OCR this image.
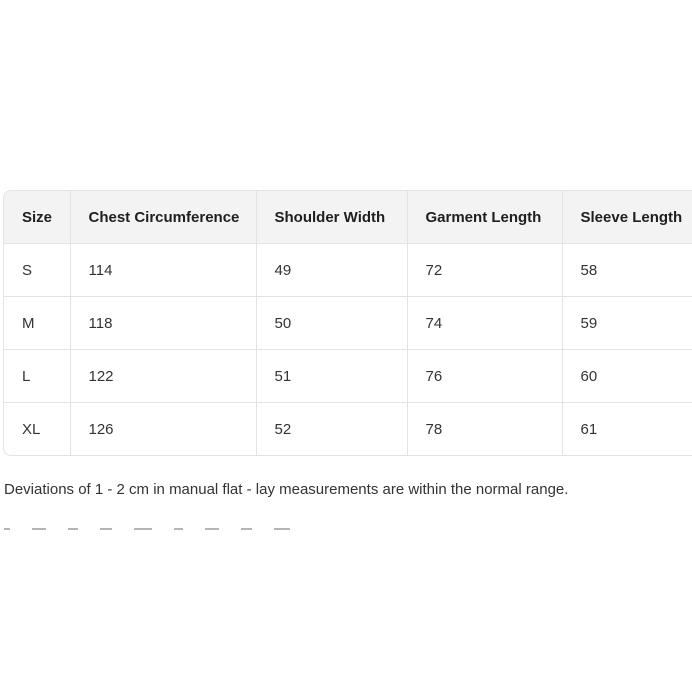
Size	Chest Circumference	Shoulder Width	Garment Length	Sleeve Length
S	114	49	72	58
M	118	50	74	59
L	122	51	76	60
XL	126	52	78	61
Deviations of 1 - 2 cm in manual flat - lay measurements are within the normal range.
